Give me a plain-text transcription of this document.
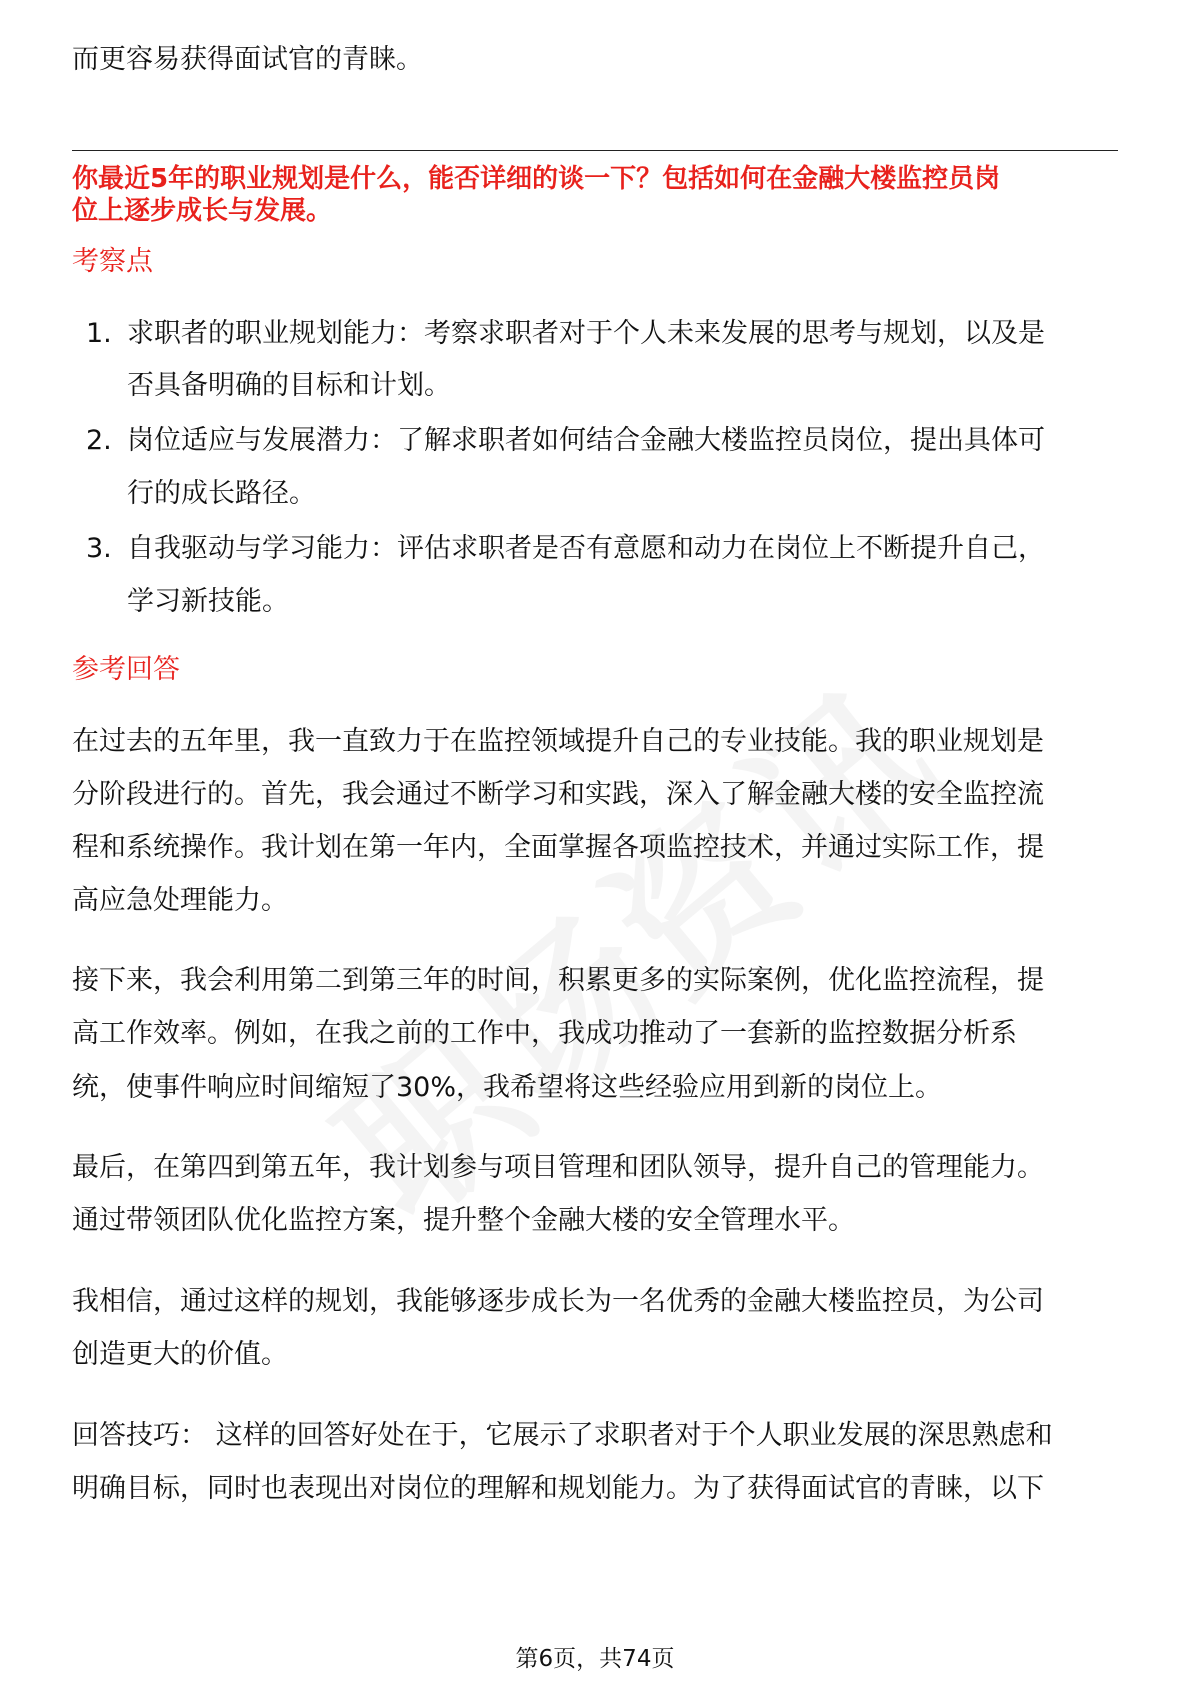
而更容易获得面试官的青睐。
你最近5年的职业规划是什么，能否详细的谈一下？包括如何在金融大楼监控员岗
位上逐步成长与发展。
考察点
1. 求职者的职业规划能力：考察求职者对于个人未来发展的思考与规划，以及是
否具备明确的目标和计划。
2. 岗位适应与发展潜力：了解求职者如何结合金融大楼监控员岗位，提出具体可
行的成长路径。
3. 自我驱动与学习能力：评估求职者是否有意愿和动力在岗位上不断提升自己，
学习新技能。
参考回答
在过去的五年里，我一直致力于在监控领域提升自己的专业技能。我的职业规划是
分阶段进行的。首先，我会通过不断学习和实践，深入了解金融大楼的安全监控流
程和系统操作。我计划在第一年内，全面掌握各项监控技术，并通过实际工作，提
高应急处理能力。
接下来，我会利用第二到第三年的时间，积累更多的实际案例，优化监控流程，提
高工作效率。例如，在我之前的工作中，我成功推动了一套新的监控数据分析系
统，使事件响应时间缩短了30%，我希望将这些经验应用到新的岗位上。
最后，在第四到第五年，我计划参与项目管理和团队领导，提升自己的管理能力。
通过带领团队优化监控方案，提升整个金融大楼的安全管理水平。
我相信，通过这样的规划，我能够逐步成长为一名优秀的金融大楼监控员，为公司
创造更大的价值。
回答技巧： 这样的回答好处在于，它展示了求职者对于个人职业发展的深思熟虑和
明确目标，同时也表现出对岗位的理解和规划能力。为了获得面试官的青睐，以下
第6页，共74页
